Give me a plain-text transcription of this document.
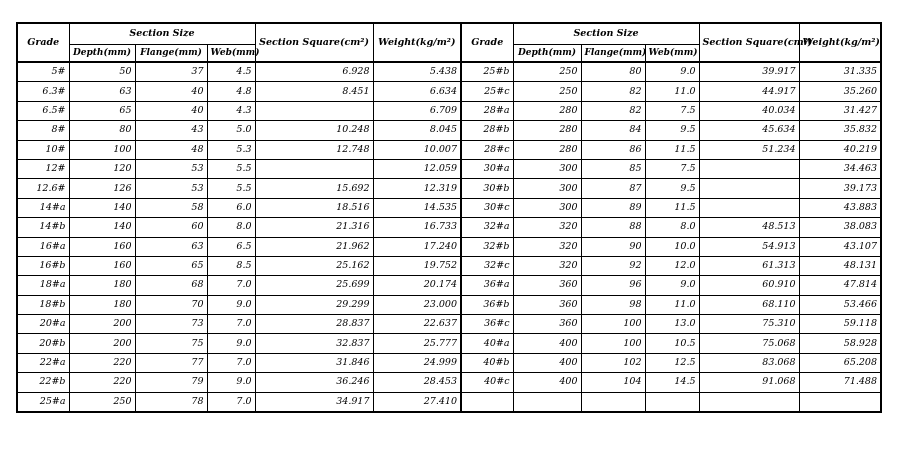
Grade	Section Size			Section Square(cm²)	Weight(kg/m²)	Grade	Section Size			Section Square(cm²)	Weight(kg/m²)
	Depth(mm)	Flange(mm)	Web(mm)				Depth(mm)	Flange(mm)	Web(mm)		
5#	50	37	4.5	6.928	5.438	25#b	250	80	9.0	39.917	31.335
6.3#	63	40	4.8	8.451	6.634	25#c	250	82	11.0	44.917	35.260
6.5#	65	40	4.3		6.709	28#a	280	82	7.5	40.034	31.427
8#	80	43	5.0	10.248	8.045	28#b	280	84	9.5	45.634	35.832
10#	100	48	5.3	12.748	10.007	28#c	280	86	11.5	51.234	40.219
12#	120	53	5.5		12.059	30#a	300	85	7.5		34.463
12.6#	126	53	5.5	15.692	12.319	30#b	300	87	9.5		39.173
14#a	140	58	6.0	18.516	14.535	30#c	300	89	11.5		43.883
14#b	140	60	8.0	21.316	16.733	32#a	320	88	8.0	48.513	38.083
16#a	160	63	6.5	21.962	17.240	32#b	320	90	10.0	54.913	43.107
16#b	160	65	8.5	25.162	19.752	32#c	320	92	12.0	61.313	48.131
18#a	180	68	7.0	25.699	20.174	36#a	360	96	9.0	60.910	47.814
18#b	180	70	9.0	29.299	23.000	36#b	360	98	11.0	68.110	53.466
20#a	200	73	7.0	28.837	22.637	36#c	360	100	13.0	75.310	59.118
20#b	200	75	9.0	32.837	25.777	40#a	400	100	10.5	75.068	58.928
22#a	220	77	7.0	31.846	24.999	40#b	400	102	12.5	83.068	65.208
22#b	220	79	9.0	36.246	28.453	40#c	400	104	14.5	91.068	71.488
25#a	250	78	7.0	34.917	27.410						
